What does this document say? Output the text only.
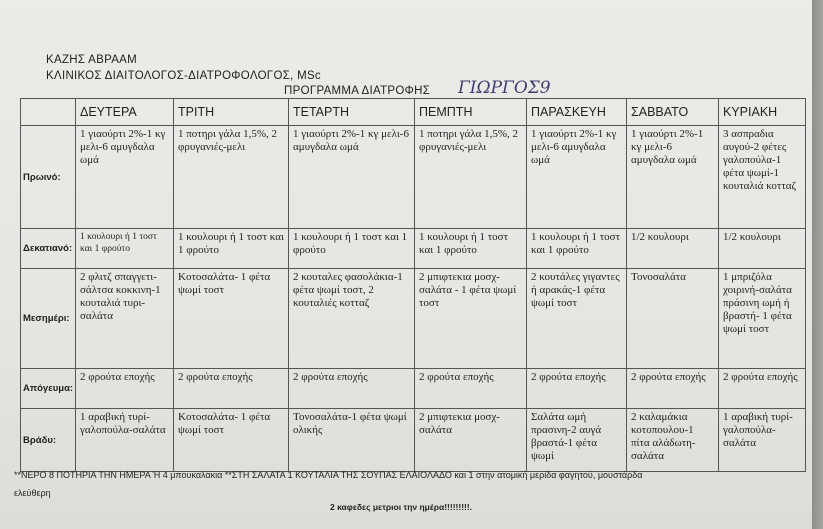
ΚΑΖΗΣ ΑΒΡΑΑΜ
ΚΛΙΝΙΚΟΣ ΔΙΑΙΤΟΛΟΓΟΣ-ΔΙΑΤΡΟΦΟΛΟΓΟΣ, MSc
ΠΡΟΓΡΑΜΜΑ ΔΙΑΤΡΟΦΗΣ ΓΙΩΡΓΟΣ9
	ΔΕΥΤΕΡΑ	ΤΡΙΤΗ	ΤΕΤΑΡΤΗ	ΠΕΜΠΤΗ	ΠΑΡΑΣΚΕΥΗ	ΣΑΒΒΑΤΟ	ΚΥΡΙΑΚΗ
Πρωινό:	1 γιαούρτι 2%-1 κγ μελι-6 αμυγδαλα ωμά	1 ποτηρι γάλα 1,5%, 2 φρυγανιές-μελι	1 γιαούρτι 2%-1 κγ μελι-6 αμυγδαλα ωμά	1 ποτηρι γάλα 1,5%, 2 φρυγανιές-μελι	1 γιαούρτι 2%-1 κγ μελι-6 αμυγδαλα ωμά	1 γιαούρτι 2%-1 κγ μελι-6 αμυγδαλα ωμά	3 ασπραδια αυγού-2 φέτες γαλοπούλα-1 φέτα ψωμί-1 κουταλιά κοτταζ
Δεκατιανό:	1 κουλουρι ή 1 τοστ και 1 φρούτο	1 κουλουρι ή 1 τοστ και 1 φρούτο	1 κουλουρι ή 1 τοστ και 1 φρούτο	1 κουλουρι ή 1 τοστ και 1 φρούτο	1 κουλουρι ή 1 τοστ και 1 φρούτο	1/2 κουλουρι	1/2 κουλουρι
Μεσημέρι:	2 φλιτζ σπαγγετι-σάλτσα κοκκινη-1 κουταλιά τυρι-σαλάτα	Κοτοσαλάτα- 1 φέτα ψωμί τοστ	2 κουταλες φασολάκια-1 φέτα ψωμί τοστ, 2 κουταλιές κοτταζ	2 μπιφτεκια μοσχ-σαλάτα - 1 φέτα ψωμί τοστ	2 κουτάλες γιγαντες ή αρακάς-1 φέτα ψωμί τοστ	Τονοσαλάτα	1 μπριζόλα χοιρινή-σαλάτα πράσινη ωμή ή βραστή- 1 φέτα ψωμί τοστ
Απόγευμα:	2 φρούτα εποχής	2 φρούτα εποχής	2 φρούτα εποχής	2 φρούτα εποχής	2 φρούτα εποχής	2 φρούτα εποχής	2 φρούτα εποχής
Βράδυ:	1 αραβική τυρί-γαλοπούλα-σαλάτα	Κοτοσαλάτα- 1 φέτα ψωμί τοστ	Τονοσαλάτα-1 φέτα ψωμί ολικής	2 μπιφτεκια μοσχ-σαλάτα	Σαλάτα ωμή πρασινη-2 αυγά βραστά-1 φέτα ψωμί	2 καλαμάκια κοτοπουλου-1 πίτα αλάδωτη-σαλάτα	1 αραβική τυρί-γαλοπούλα-σαλάτα
**ΝΕΡΟ 8 ΠΟΤΗΡΙΑ ΤΗΝ ΗΜΕΡΑ Ή 4 μπουκαλάκια **ΣΤΗ ΣΑΛΑΤΑ 1 ΚΟΥΤΑΛΙΑ ΤΗΣ ΣΟΥΠΑΣ ΕΛΑΙΟΛΑΔΟ και 1 στην ατομική μερίδα φαγητού, μουστάρδα
ελεύθερη
2 καφεδες μετριοι την ημέρα!!!!!!!!!.
